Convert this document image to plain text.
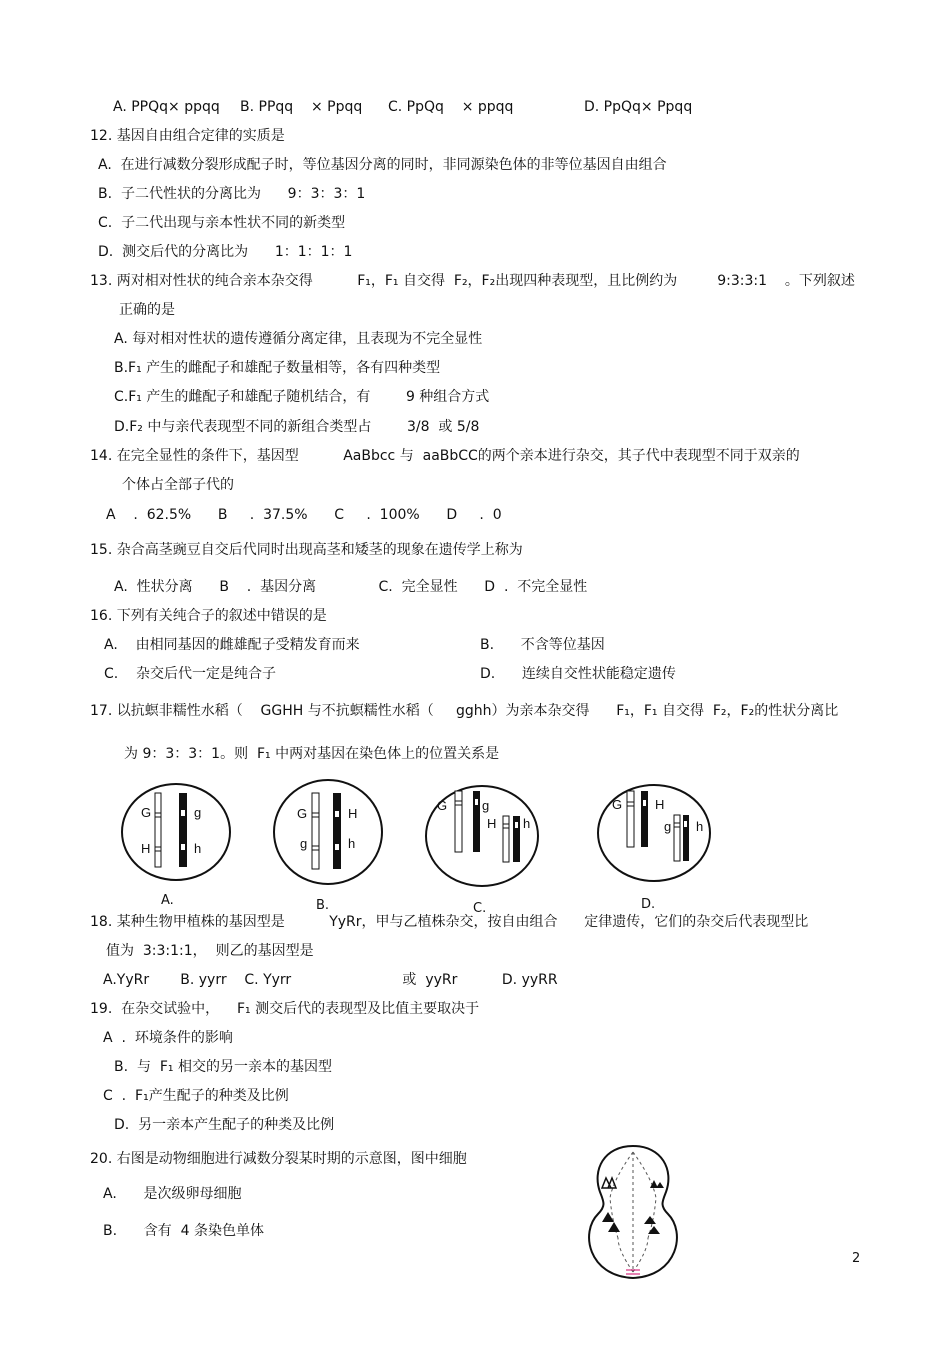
A. PPQq× ppqq B. PPqq    × Ppqq C. PpQq    × ppqq	D. PpQq× Ppqq
12. 基因自由组合定律的实质是
A.  在进行减数分裂形成配子时，等位基因分离的同时，非同源染色体的非等位基因自由组合
B.  子二代性状的分离比为      9：3：3：1
C.  子二代出现与亲本性状不同的新类型
D.  测交后代的分离比为      1：1：1：1
13. 两对相对性状的纯合亲本杂交得          F₁，F₁ 自交得  F₂，F₂出现四种表现型，且比例约为         9:3:3:1    。下列叙述
正确的是
A. 每对相对性状的遗传遵循分离定律，且表现为不完全显性
B.F₁ 产生的雌配子和雄配子数量相等，各有四种类型
C.F₁ 产生的雌配子和雄配子随机结合，有        9 种组合方式
D.F₂ 中与亲代表现型不同的新组合类型占        3/8  或 5/8
14. 在完全显性的条件下，基因型          AaBbcc 与  aaBbCC的两个亲本进行杂交，其子代中表现型不同于双亲的
个体占全部子代的
A    .  62.5%      B     .  37.5%      C     .  100%      D     .  0
15. 杂合高茎豌豆自交后代同时出现高茎和矮茎的现象在遗传学上称为
A.  性状分离      B    .  基因分离              C.  完全显性      D  .  不完全显性
16. 下列有关纯合子的叙述中错误的是
A.    由相同基因的雌雄配子受精发育而来	B.      不含等位基因
C.    杂交后代一定是纯合子	D.      连续自交性状能稳定遗传
17. 以抗螟非糯性水稻（    GGHH 与不抗螟糯性水稻（     gghh）为亲本杂交得      F₁，F₁ 自交得  F₂，F₂的性状分离比
为 9：3：3：1。则  F₁ 中两对基因在染色体上的位置关系是
G	g
H	h
A.
G	H
g	h
B.
G	g
H h
C.
G	H
g h
D.
18. 某种生物甲植株的基因型是          YyRr，甲与乙植株杂交，按自由组合      定律遗传，它们的杂交后代表现型比
值为  3:3:1:1，  则乙的基因型是
A.YyRr       B. yyrr    C. Yyrr                         或  yyRr          D. yyRR
19.  在杂交试验中，    F₁ 测交后代的表现型及比值主要取决于
A  .  环境条件的影响
B.  与  F₁ 相交的另一亲本的基因型
C  .  F₁产生配子的种类及比例
D.  另一亲本产生配子的种类及比例
20. 右图是动物细胞进行减数分裂某时期的示意图，图中细胞
A.      是次级卵母细胞
B.      含有  4 条染色单体
2
